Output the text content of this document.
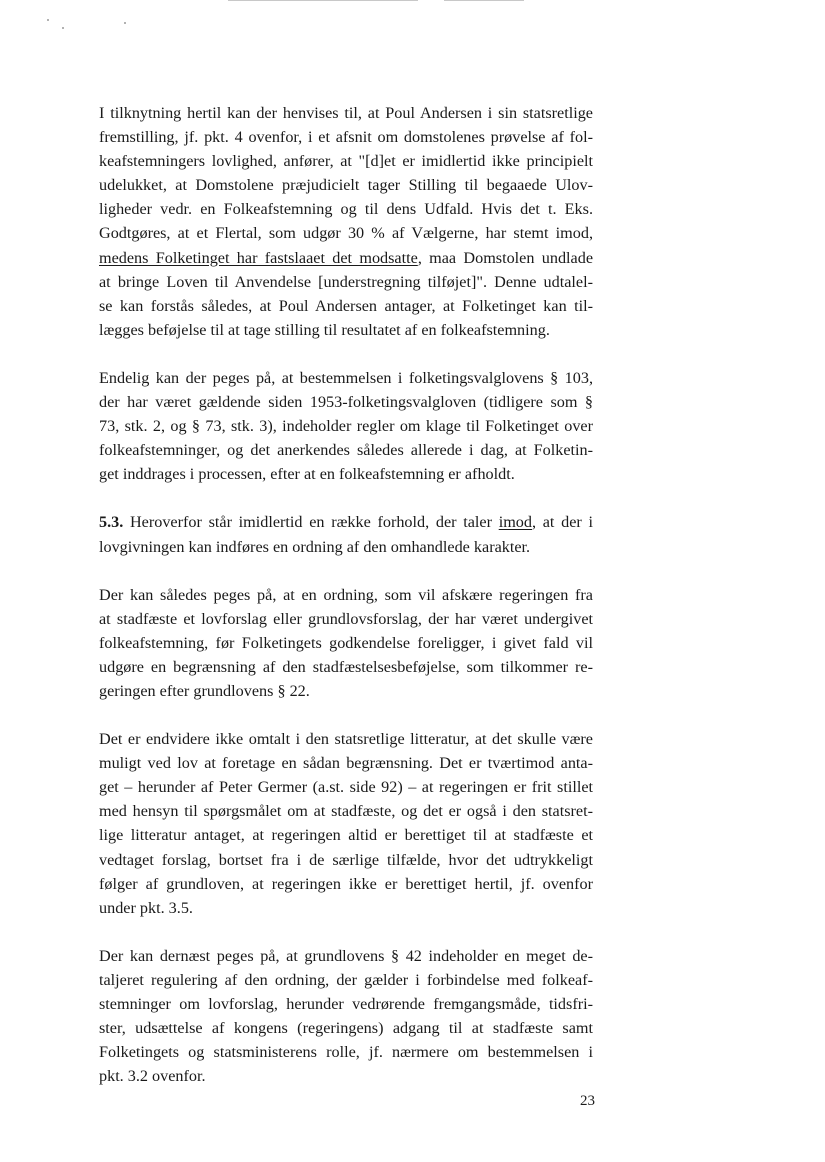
I tilknytning hertil kan der henvises til, at Poul Andersen i sin statsretlige
fremstilling, jf. pkt. 4 ovenfor, i et afsnit om domstolenes prøvelse af fol-
keafstemningers lovlighed, anfører, at "[d]et er imidlertid ikke principielt
udelukket, at Domstolene præjudicielt tager Stilling til begaaede Ulov-
ligheder vedr. en Folkeafstemning og til dens Udfald. Hvis det t. Eks.
Godtgøres, at et Flertal, som udgør 30 % af Vælgerne, har stemt imod,
medens Folketinget har fastslaaet det modsatte, maa Domstolen undlade
at bringe Loven til Anvendelse [understregning tilføjet]". Denne udtalel-
se kan forstås således, at Poul Andersen antager, at Folketinget kan til-
lægges beføjelse til at tage stilling til resultatet af en folkeafstemning.

Endelig kan der peges på, at bestemmelsen i folketingsvalglovens § 103,
der har været gældende siden 1953-folketingsvalgloven (tidligere som §
73, stk. 2, og § 73, stk. 3), indeholder regler om klage til Folketinget over
folkeafstemninger, og det anerkendes således allerede i dag, at Folketin-
get inddrages i processen, efter at en folkeafstemning er afholdt.

5.3. Heroverfor står imidlertid en række forhold, der taler imod, at der i
lovgivningen kan indføres en ordning af den omhandlede karakter.

Der kan således peges på, at en ordning, som vil afskære regeringen fra
at stadfæste et lovforslag eller grundlovsforslag, der har været undergivet
folkeafstemning, før Folketingets godkendelse foreligger, i givet fald vil
udgøre en begrænsning af den stadfæstelsesbeføjelse, som tilkommer re-
geringen efter grundlovens § 22.

Det er endvidere ikke omtalt i den statsretlige litteratur, at det skulle være
muligt ved lov at foretage en sådan begrænsning. Det er tværtimod anta-
get – herunder af Peter Germer (a.st. side 92) – at regeringen er frit stillet
med hensyn til spørgsmålet om at stadfæste, og det er også i den statsret-
lige litteratur antaget, at regeringen altid er berettiget til at stadfæste et
vedtaget forslag, bortset fra i de særlige tilfælde, hvor det udtrykkeligt
følger af grundloven, at regeringen ikke er berettiget hertil, jf. ovenfor
under pkt. 3.5.

Der kan dernæst peges på, at grundlovens § 42 indeholder en meget de-
taljeret regulering af den ordning, der gælder i forbindelse med folkeaf-
stemninger om lovforslag, herunder vedrørende fremgangsmåde, tidsfri-
ster, udsættelse af kongens (regeringens) adgang til at stadfæste samt
Folketingets og statsministerens rolle, jf. nærmere om bestemmelsen i
pkt. 3.2 ovenfor.

23
